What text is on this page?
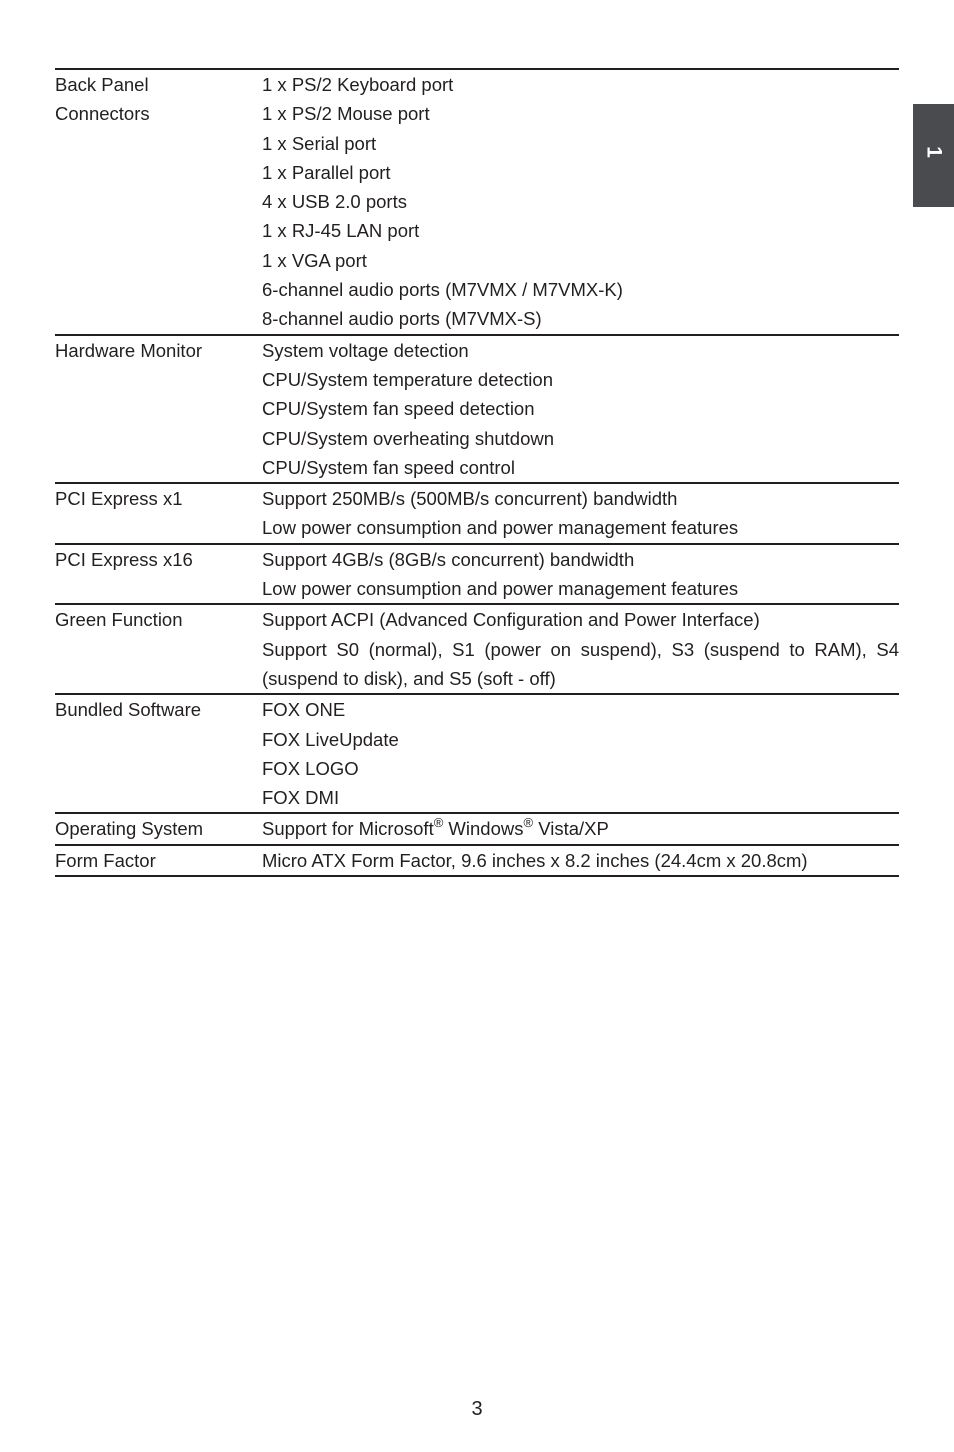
1
Back Panel	1 x PS/2 Keyboard port
Connectors	1 x PS/2 Mouse port
	1 x Serial port
	1 x Parallel port
	4 x USB 2.0 ports
	1 x RJ-45 LAN port
	1 x VGA port
	6-channel audio ports (M7VMX / M7VMX-K)
	8-channel audio ports (M7VMX-S)
Hardware Monitor	System voltage detection
	CPU/System temperature detection
	CPU/System fan speed detection
	CPU/System overheating shutdown
	CPU/System fan speed control
PCI Express x1	Support 250MB/s (500MB/s concurrent) bandwidth
	Low power consumption and power management features
PCI Express x16	Support 4GB/s (8GB/s concurrent) bandwidth
	Low power consumption and power management features
Green Function	Support ACPI (Advanced Configuration and Power Interface)
	Support S0 (normal), S1 (power on suspend), S3 (suspend to RAM), S4 (suspend to disk), and S5 (soft - off)
Bundled Software	FOX ONE
	FOX LiveUpdate
	FOX LOGO
	FOX DMI
Operating System	Support for Microsoft® Windows® Vista/XP
Form Factor	Micro ATX Form Factor, 9.6 inches x 8.2 inches (24.4cm x 20.8cm)
3
